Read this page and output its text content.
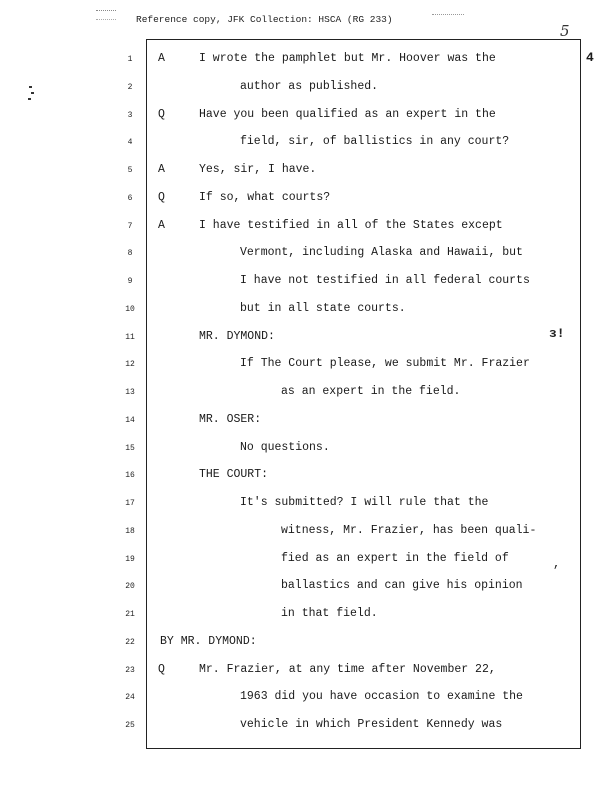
Reference copy, JFK Collection: HSCA (RG 233)
5
4
ɜ!
,
1	A	I wrote the pamphlet but Mr. Hoover was the
2	author as published.
3	Q	Have you been qualified as an expert in the
4	field, sir, of ballistics in any court?
5	A	Yes, sir, I have.
6	Q	If so, what courts?
7	A	I have testified in all of the States except
8	Vermont, including Alaska and Hawaii, but
9	I have not testified in all federal courts
10	but in all state courts.
11	MR. DYMOND:
12	If The Court please, we submit Mr. Frazier
13	as an expert in the field.
14	MR. OSER:
15	No questions.
16	THE COURT:
17	It's submitted? I will rule that the
18	witness, Mr. Frazier, has been quali-
19	fied as an expert in the field of
20	ballastics and can give his opinion
21	in that field.
22	BY MR. DYMOND:
23	Q	Mr. Frazier, at any time after November 22,
24	1963 did you have occasion to examine the
25	vehicle in which President Kennedy was
